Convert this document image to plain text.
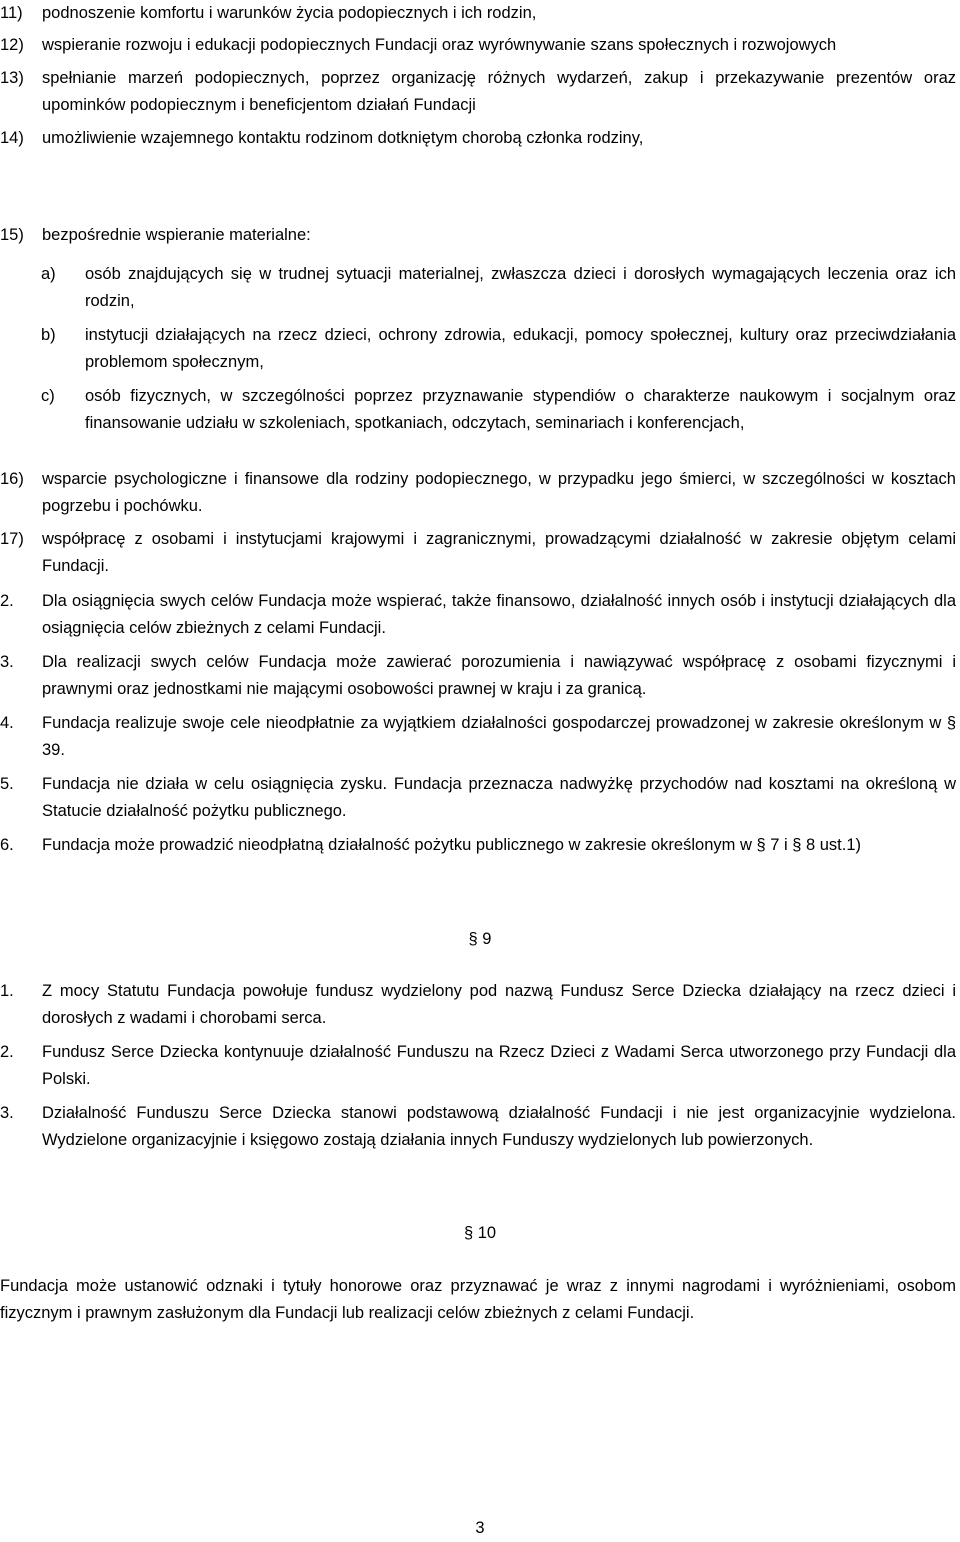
11) podnoszenie komfortu i warunków życia podopiecznych i ich rodzin,
12) wspieranie rozwoju i edukacji podopiecznych Fundacji oraz wyrównywanie szans społecznych i rozwojowych
13) spełnianie marzeń podopiecznych, poprzez organizację różnych wydarzeń, zakup i przekazywanie prezentów oraz upominków podopiecznym i beneficjentom działań Fundacji
14) umożliwienie wzajemnego kontaktu rodzinom dotkniętym chorobą członka rodziny,
15) bezpośrednie wspieranie materialne:
a) osób znajdujących się w trudnej sytuacji materialnej, zwłaszcza dzieci i dorosłych wymagających leczenia oraz ich rodzin,
b) instytucji działających na rzecz dzieci, ochrony zdrowia, edukacji, pomocy społecznej, kultury oraz przeciwdziałania problemom społecznym,
c) osób fizycznych, w szczególności poprzez przyznawanie stypendiów o charakterze naukowym i socjalnym oraz finansowanie udziału w szkoleniach, spotkaniach, odczytach, seminariach i konferencjach,
16) wsparcie psychologiczne i finansowe dla rodziny podopiecznego, w przypadku jego śmierci, w szczególności w kosztach pogrzebu i pochówku.
17) współpracę z osobami i instytucjami krajowymi i zagranicznymi, prowadzącymi działalność w zakresie objętym celami Fundacji.
2. Dla osiągnięcia swych celów Fundacja może wspierać, także finansowo, działalność innych osób i instytucji działających dla osiągnięcia celów zbieżnych z celami Fundacji.
3. Dla realizacji swych celów Fundacja może zawierać porozumienia i nawiązywać współpracę z osobami fizycznymi i prawnymi oraz jednostkami nie mającymi osobowości prawnej w kraju i za granicą.
4. Fundacja realizuje swoje cele nieodpłatnie za wyjątkiem działalności gospodarczej prowadzonej w zakresie określonym w § 39.
5. Fundacja nie działa w celu osiągnięcia zysku. Fundacja przeznacza nadwyżkę przychodów nad kosztami na określoną w Statucie działalność pożytku publicznego.
6. Fundacja może prowadzić nieodpłatną działalność pożytku publicznego w zakresie określonym w § 7 i § 8 ust.1)
§ 9
1. Z mocy Statutu Fundacja powołuje fundusz wydzielony pod nazwą Fundusz Serce Dziecka działający na rzecz dzieci i dorosłych z wadami i chorobami serca.
2. Fundusz Serce Dziecka kontynuuje działalność Funduszu na Rzecz Dzieci z Wadami Serca utworzonego przy Fundacji dla Polski.
3. Działalność Funduszu Serce Dziecka stanowi podstawową działalność Fundacji i nie jest organizacyjnie wydzielona. Wydzielone organizacyjnie i księgowo zostają działania innych Funduszy wydzielonych lub powierzonych.
§ 10
Fundacja może ustanowić odznaki i tytuły honorowe oraz przyznawać je wraz z innymi nagrodami i wyróżnieniami, osobom fizycznym i prawnym zasłużonym dla Fundacji lub realizacji celów zbieżnych z celami Fundacji.
3
